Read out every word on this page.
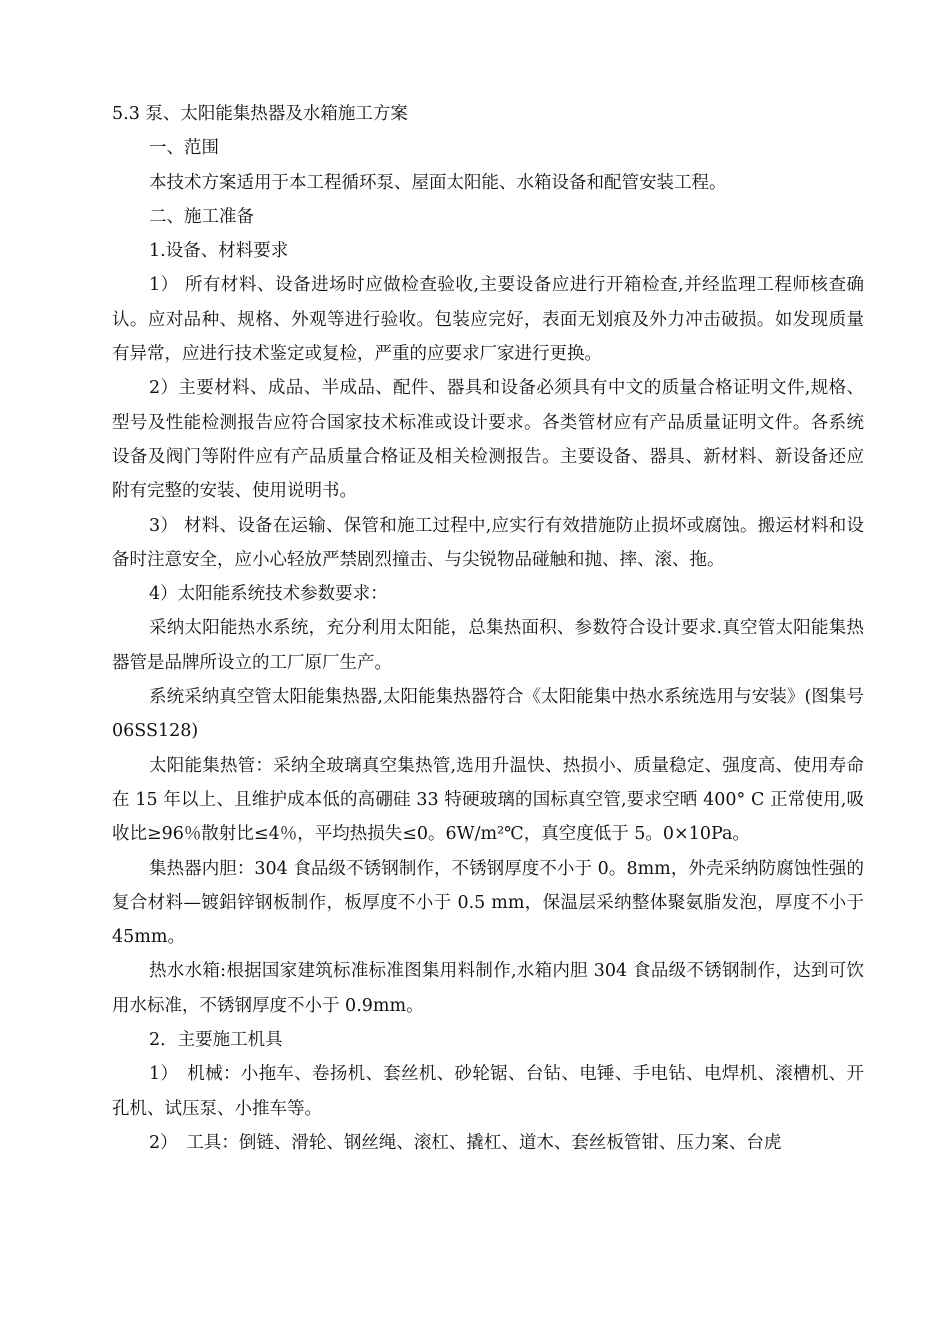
5.3 泵、太阳能集热器及水箱施工方案

一、范围

本技术方案适用于本工程循环泵、屋面太阳能、水箱设备和配管安装工程。

二、施工准备

1.设备、材料要求

1） 所有材料、设备进场时应做检查验收,主要设备应进行开箱检查,并经监理工程师核查确认。应对品种、规格、外观等进行验收。包装应完好，表面无划痕及外力冲击破损。如发现质量有异常，应进行技术鉴定或复检，严重的应要求厂家进行更换。

2）主要材料、成品、半成品、配件、器具和设备必须具有中文的质量合格证明文件,规格、型号及性能检测报告应符合国家技术标准或设计要求。各类管材应有产品质量证明文件。各系统设备及阀门等附件应有产品质量合格证及相关检测报告。主要设备、器具、新材料、新设备还应附有完整的安装、使用说明书。

3） 材料、设备在运输、保管和施工过程中,应实行有效措施防止损坏或腐蚀。搬运材料和设备时注意安全，应小心轻放严禁剧烈撞击、与尖锐物品碰触和抛、摔、滚、拖。

4）太阳能系统技术参数要求：

采纳太阳能热水系统，充分利用太阳能，总集热面积、参数符合设计要求.真空管太阳能集热器管是品牌所设立的工厂原厂生产。

系统采纳真空管太阳能集热器,太阳能集热器符合《太阳能集中热水系统选用与安装》(图集号 06SS128)

太阳能集热管：采纳全玻璃真空集热管,选用升温快、热损小、质量稳定、强度高、使用寿命在 15 年以上、且维护成本低的高硼硅 33 特硬玻璃的国标真空管,要求空晒 400° C 正常使用,吸收比≥96％散射比≤4％，平均热损失≤0。6W/m²℃，真空度低于 5。0×10Pa。

集热器内胆：304 食品级不锈钢制作，不锈钢厚度不小于 0。8mm，外壳采纳防腐蚀性强的复合材料—镀鋁锌钢板制作，板厚度不小于 0.5 mm，保温层采纳整体聚氨脂发泡，厚度不小于 45mm。

热水水箱:根据国家建筑标准标准图集用料制作,水箱内胆 304 食品级不锈钢制作，达到可饮用水标准，不锈钢厚度不小于 0.9mm。

2．主要施工机具

1）　机械：小拖车、卷扬机、套丝机、砂轮锯、台钻、电锤、手电钻、电焊机、滚槽机、开孔机、试压泵、小推车等。

2）　工具：倒链、滑轮、钢丝绳、滚杠、撬杠、道木、套丝板管钳、压力案、台虎
